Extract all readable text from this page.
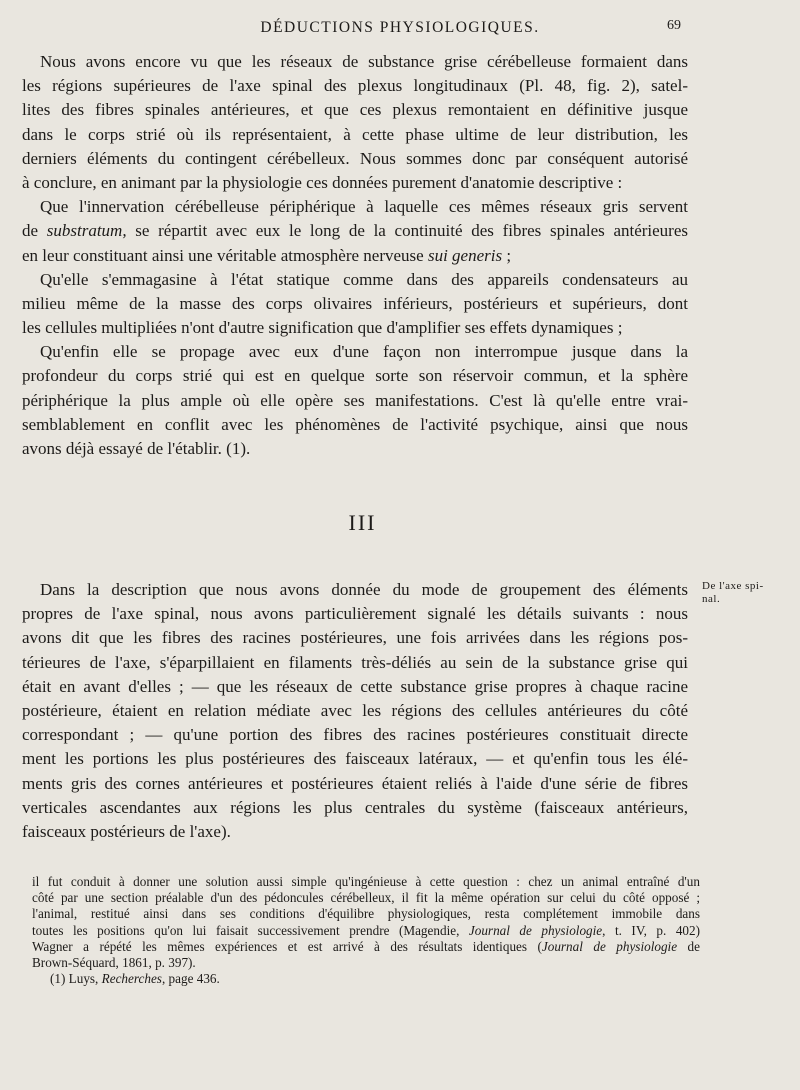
DÉDUCTIONS PHYSIOLOGIQUES.	69
Nous avons encore vu que les réseaux de substance grise cérébelleuse formaient dans
les régions supérieures de l'axe spinal des plexus longitudinaux (Pl. 48, fig. 2), satel-
lites des fibres spinales antérieures, et que ces plexus remontaient en définitive jusque
dans le corps strié où ils représentaient, à cette phase ultime de leur distribution, les
derniers éléments du contingent cérébelleux. Nous sommes donc par conséquent autorisé
à conclure, en animant par la physiologie ces données purement d'anatomie descriptive :
Que l'innervation cérébelleuse périphérique à laquelle ces mêmes réseaux gris servent
de substratum, se répartit avec eux le long de la continuité des fibres spinales antérieures
en leur constituant ainsi une véritable atmosphère nerveuse sui generis ;
Qu'elle s'emmagasine à l'état statique comme dans des appareils condensateurs au
milieu même de la masse des corps olivaires inférieurs, postérieurs et supérieurs, dont
les cellules multipliées n'ont d'autre signification que d'amplifier ses effets dynamiques ;
Qu'enfin elle se propage avec eux d'une façon non interrompue jusque dans la
profondeur du corps strié qui est en quelque sorte son réservoir commun, et la sphère
périphérique la plus ample où elle opère ses manifestations. C'est là qu'elle entre vrai-
semblablement en conflit avec les phénomènes de l'activité psychique, ainsi que nous
avons déjà essayé de l'établir. (1).
III
De l'axe spi-
nal.
Dans la description que nous avons donnée du mode de groupement des éléments
propres de l'axe spinal, nous avons particulièrement signalé les détails suivants : nous
avons dit que les fibres des racines postérieures, une fois arrivées dans les régions pos-
térieures de l'axe, s'éparpillaient en filaments très-déliés au sein de la substance grise qui
était en avant d'elles ; — que les réseaux de cette substance grise propres à chaque racine
postérieure, étaient en relation médiate avec les régions des cellules antérieures du côté
correspondant ; — qu'une portion des fibres des racines postérieures constituait directe
ment les portions les plus postérieures des faisceaux latéraux, — et qu'enfin tous les élé-
ments gris des cornes antérieures et postérieures étaient reliés à l'aide d'une série de fibres
verticales ascendantes aux régions les plus centrales du système (faisceaux antérieurs,
faisceaux postérieurs de l'axe).
il fut conduit à donner une solution aussi simple qu'ingénieuse à cette question : chez un animal entraîné d'un
côté par une section préalable d'un des pédoncules cérébelleux, il fit la même opération sur celui du côté opposé ;
l'animal, restitué ainsi dans ses conditions d'équilibre physiologiques, resta complétement immobile dans
toutes les positions qu'on lui faisait successivement prendre (Magendie, Journal de physiologie, t. IV, p. 402)
Wagner a répété les mêmes expériences et est arrivé à des résultats identiques (Journal de physiologie de
Brown-Séquard, 1861, p. 397).
(1) Luys, Recherches, page 436.
